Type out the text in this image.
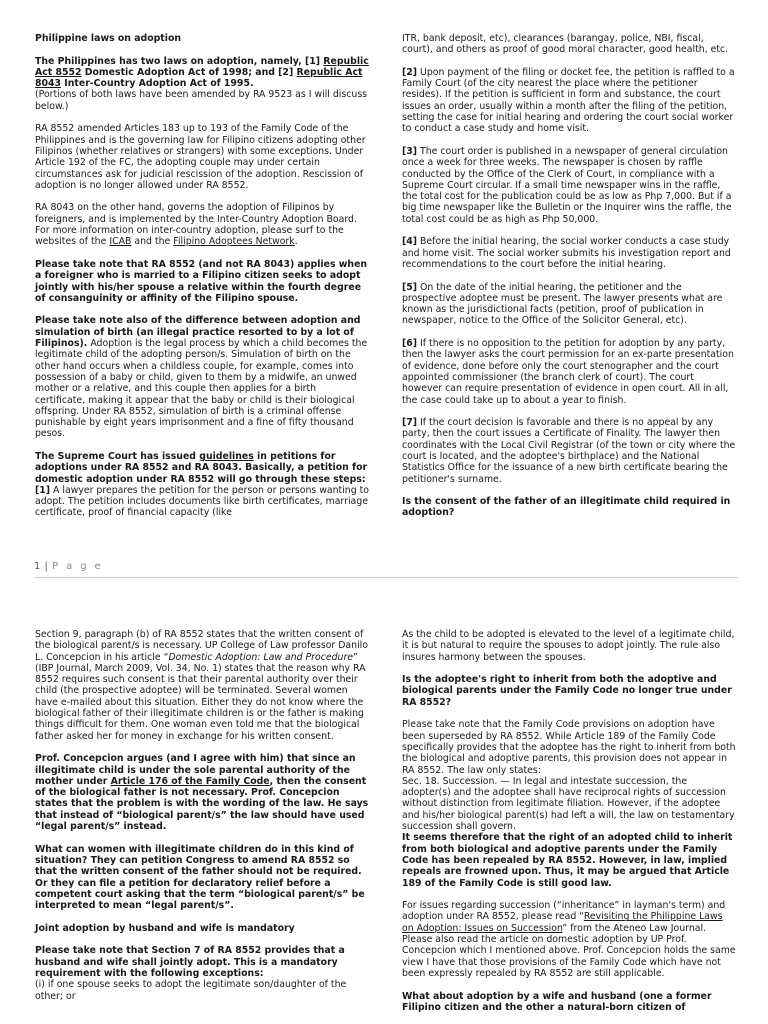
Philippine laws on adoption

The Philippines has two laws on adoption, namely, [1] Republic Act 8552 Domestic Adoption Act of 1998; and [2] Republic Act 8043 Inter-Country Adoption Act of 1995.

(Portions of both laws have been amended by RA 9523 as I will discuss below.)

RA 8552 amended Articles 183 up to 193 of the Family Code of the Philippines and is the governing law for Filipino citizens adopting other Filipinos (whether relatives or strangers) with some exceptions. Under Article 192 of the FC, the adopting couple may under certain circumstances ask for judicial rescission of the adoption. Rescission of adoption is no longer allowed under RA 8552.

RA 8043 on the other hand, governs the adoption of Filipinos by foreigners, and is implemented by the Inter-Country Adoption Board. For more information on inter-country adoption, please surf to the websites of the ICAB and the Filipino Adoptees Network.

Please take note that RA 8552 (and not RA 8043) applies when a foreigner who is married to a Filipino citizen seeks to adopt jointly with his/her spouse a relative within the fourth degree of consanguinity or affinity of the Filipino spouse.

Please take note also of the difference between adoption and simulation of birth (an illegal practice resorted to by a lot of Filipinos). Adoption is the legal process by which a child becomes the legitimate child of the adopting person/s. Simulation of birth on the other hand occurs when a childless couple, for example, comes into possession of a baby or child, given to them by a midwife, an unwed mother or a relative, and this couple then applies for a birth certificate, making it appear that the baby or child is their biological offspring. Under RA 8552, simulation of birth is a criminal offense punishable by eight years imprisonment and a fine of fifty thousand pesos.

The Supreme Court has issued guidelines in petitions for adoptions under RA 8552 and RA 8043. Basically, a petition for domestic adoption under RA 8552 will go through these steps:

[1] A lawyer prepares the petition for the person or persons wanting to adopt. The petition includes documents like birth certificates, marriage certificate, proof of financial capacity (like

ITR, bank deposit, etc), clearances (barangay, police, NBI, fiscal, court), and others as proof of good moral character, good health, etc.

[2] Upon payment of the filing or docket fee, the petition is raffled to a Family Court (of the city nearest the place where the petitioner resides). If the petition is sufficient in form and substance, the court issues an order, usually within a month after the filing of the petition, setting the case for initial hearing and ordering the court social worker to conduct a case study and home visit.

[3] The court order is published in a newspaper of general circulation once a week for three weeks. The newspaper is chosen by raffle conducted by the Office of the Clerk of Court, in compliance with a Supreme Court circular. If a small time newspaper wins in the raffle, the total cost for the publication could be as low as Php 7,000. But if a big time newspaper like the Bulletin or the Inquirer wins the raffle, the total cost could be as high as Php 50,000.

[4] Before the initial hearing, the social worker conducts a case study and home visit. The social worker submits his investigation report and recommendations to the court before the initial hearing.

[5] On the date of the initial hearing, the petitioner and the prospective adoptee must be present. The lawyer presents what are known as the jurisdictional facts (petition, proof of publication in newspaper, notice to the Office of the Solicitor General, etc).

[6] If there is no opposition to the petition for adoption by any party, then the lawyer asks the court permission for an ex-parte presentation of evidence, done before only the court stenographer and the court appointed commissioner (the branch clerk of court). The court however can require presentation of evidence in open court. All in all, the case could take up to about a year to finish.

[7] If the court decision is favorable and there is no appeal by any party, then the court issues a Certificate of Finality. The lawyer then coordinates with the Local Civil Registrar (of the town or city where the court is located, and the adoptee's birthplace) and the National Statistics Office for the issuance of a new birth certificate bearing the petitioner's surname.

Is the consent of the father of an illegitimate child required in adoption?

1 | P a g e

Section 9, paragraph (b) of RA 8552 states that the written consent of the biological parent/s is necessary. UP College of Law professor Danilo L. Concepcion in his article “Domestic Adoption: Law and Procedure” (IBP Journal, March 2009, Vol. 34, No. 1) states that the reason why RA 8552 requires such consent is that their parental authority over their child (the prospective adoptee) will be terminated. Several women have e-mailed about this situation. Either they do not know where the biological father of their illegitimate children is or the father is making things difficult for them. One woman even told me that the biological father asked her for money in exchange for his written consent.

Prof. Concepcion argues (and I agree with him) that since an illegitimate child is under the sole parental authority of the mother under Article 176 of the Family Code, then the consent of the biological father is not necessary. Prof. Concepcion states that the problem is with the wording of the law. He says that instead of “biological parent/s” the law should have used “legal parent/s” instead.

What can women with illegitimate children do in this kind of situation? They can petition Congress to amend RA 8552 so that the written consent of the father should not be required. Or they can file a petition for declaratory relief before a competent court asking that the term “biological parent/s” be interpreted to mean “legal parent/s”.

Joint adoption by husband and wife is mandatory

Please take note that Section 7 of RA 8552 provides that a husband and wife shall jointly adopt. This is a mandatory requirement with the following exceptions:

(i) if one spouse seeks to adopt the legitimate son/daughter of the other; or

As the child to be adopted is elevated to the level of a legitimate child, it is but natural to require the spouses to adopt jointly. The rule also insures harmony between the spouses.

Is the adoptee's right to inherit from both the adoptive and biological parents under the Family Code no longer true under RA 8552?

Please take note that the Family Code provisions on adoption have been superseded by RA 8552. While Article 189 of the Family Code specifically provides that the adoptee has the right to inherit from both the biological and adoptive parents, this provision does not appear in RA 8552. The law only states:

Sec. 18. Succession. — In legal and intestate succession, the adopter(s) and the adoptee shall have reciprocal rights of succession without distinction from legitimate filiation. However, if the adoptee and his/her biological parent(s) had left a will, the law on testamentary succession shall govern.

It seems therefore that the right of an adopted child to inherit from both biological and adoptive parents under the Family Code has been repealed by RA 8552. However, in law, implied repeals are frowned upon. Thus, it may be argued that Article 189 of the Family Code is still good law.

For issues regarding succession (“inheritance” in layman's term) and adoption under RA 8552, please read “Revisiting the Philippine Laws on Adoption: Issues on Succession” from the Ateneo Law Journal. Please also read the article on domestic adoption by UP Prof. Concepcion which I mentioned above. Prof. Concepcion holds the same view I have that those provisions of the Family Code which have not been expressly repealed by RA 8552 are still applicable.

What about adoption by a wife and husband (one a former Filipino citizen and the other a natural-born citizen of
